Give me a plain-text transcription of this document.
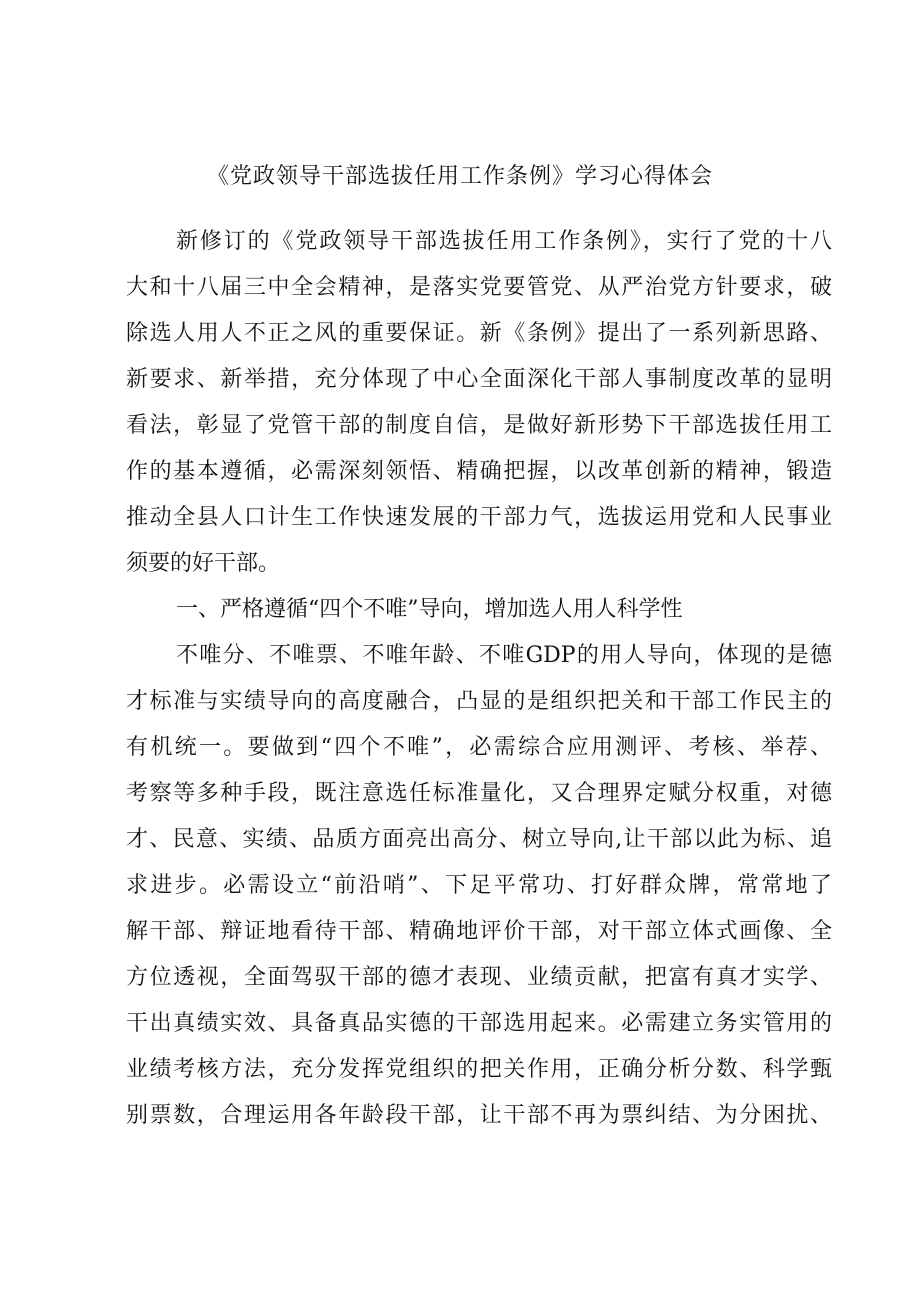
《党政领导干部选拔任用工作条例》学习心得体会
新修订的《党政领导干部选拔任用工作条例》，实行了党的十八
大和十八届三中全会精神，是落实党要管党、从严治党方针要求，破
除选人用人不正之风的重要保证。新《条例》提出了一系列新思路、
新要求、新举措，充分体现了中心全面深化干部人事制度改革的显明
看法，彰显了党管干部的制度自信，是做好新形势下干部选拔任用工
作的基本遵循，必需深刻领悟、精确把握，以改革创新的精神，锻造
推动全县人口计生工作快速发展的干部力气，选拔运用党和人民事业
须要的好干部。
一、严格遵循“四个不唯”导向，增加选人用人科学性
不唯分、不唯票、不唯年龄、不唯GDP的用人导向，体现的是德
才标准与实绩导向的高度融合，凸显的是组织把关和干部工作民主的
有机统一。要做到“四个不唯”，必需综合应用测评、考核、举荐、
考察等多种手段，既注意选任标准量化，又合理界定赋分权重，对德
才、民意、实绩、品质方面亮出高分、树立导向,让干部以此为标、追
求进步。必需设立“前沿哨”、下足平常功、打好群众牌，常常地了
解干部、辩证地看待干部、精确地评价干部，对干部立体式画像、全
方位透视，全面驾驭干部的德才表现、业绩贡献，把富有真才实学、
干出真绩实效、具备真品实德的干部选用起来。必需建立务实管用的
业绩考核方法，充分发挥党组织的把关作用，正确分析分数、科学甄
别票数，合理运用各年龄段干部，让干部不再为票纠结、为分困扰、
